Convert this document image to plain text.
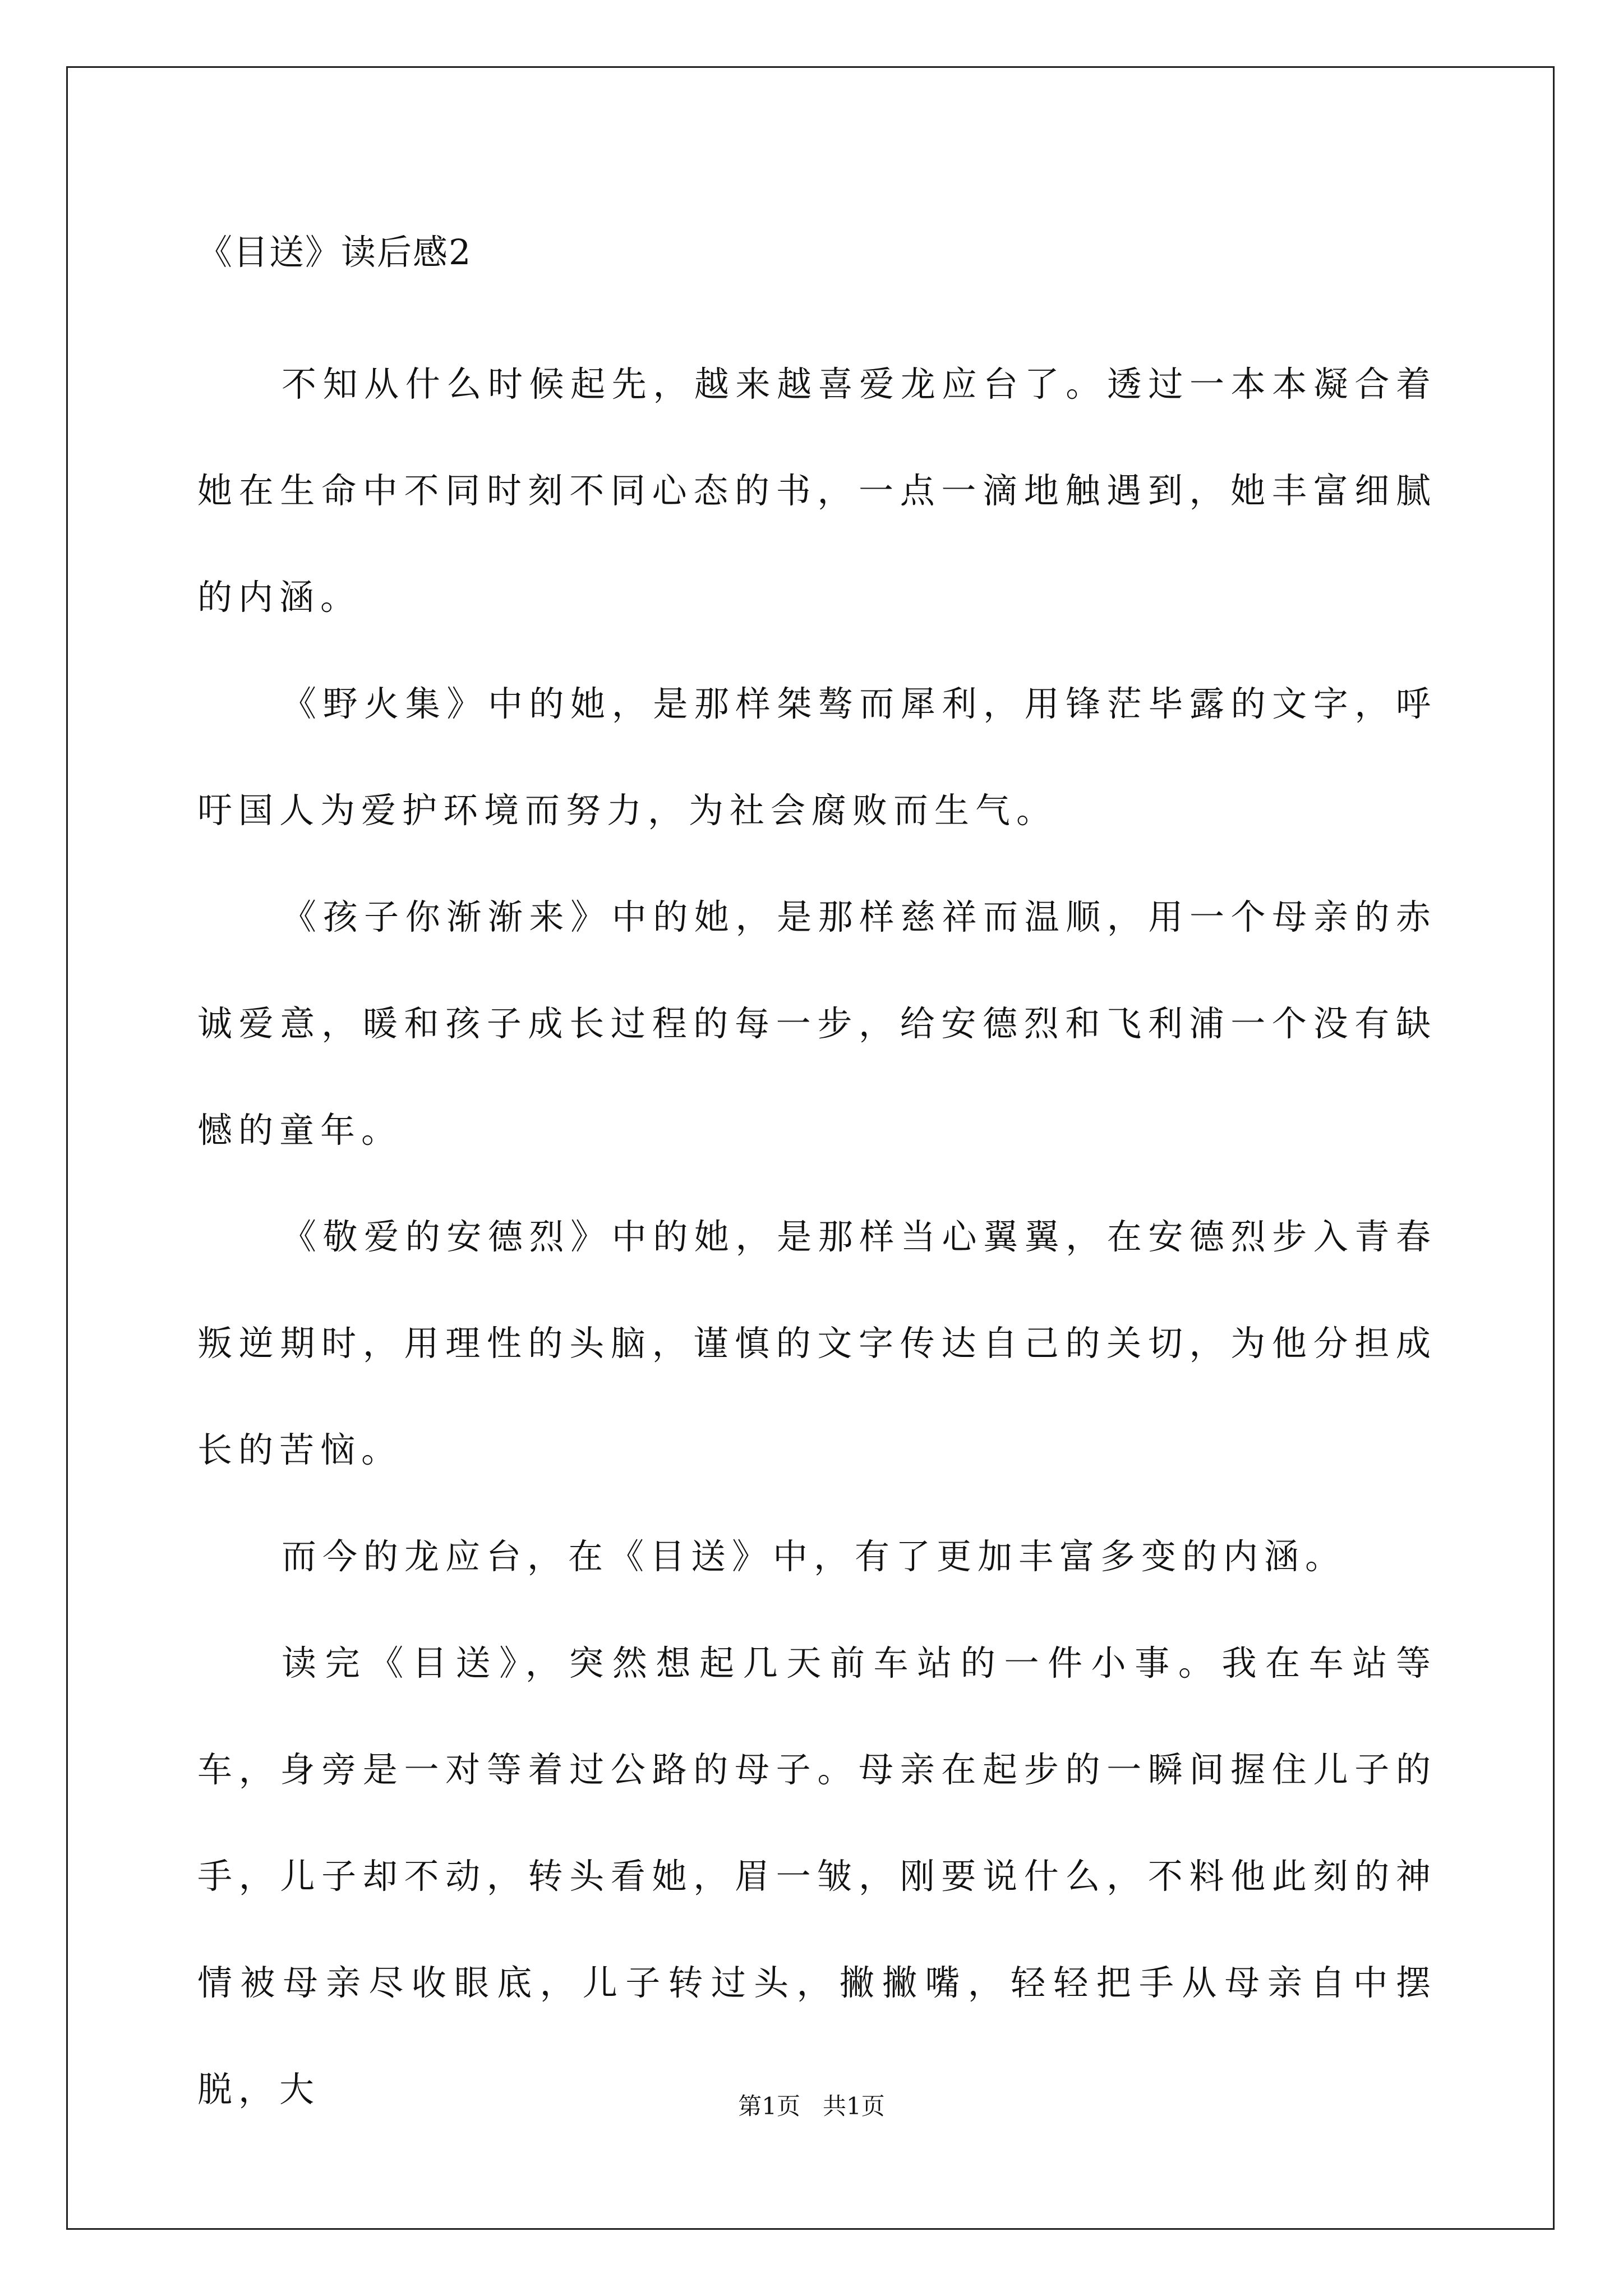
《目送》读后感2

不知从什么时候起先，越来越喜爱龙应台了。透过一本本凝合着她在生命中不同时刻不同心态的书，一点一滴地触遇到，她丰富细腻的内涵。

《野火集》中的她，是那样桀骜而犀利，用锋茫毕露的文字，呼吁国人为爱护环境而努力，为社会腐败而生气。

《孩子你渐渐来》中的她，是那样慈祥而温顺，用一个母亲的赤诚爱意，暖和孩子成长过程的每一步，给安德烈和飞利浦一个没有缺憾的童年。

《敬爱的安德烈》中的她，是那样当心翼翼，在安德烈步入青春叛逆期时，用理性的头脑，谨慎的文字传达自己的关切，为他分担成长的苦恼。

而今的龙应台，在《目送》中，有了更加丰富多变的内涵。

读完《目送》，突然想起几天前车站的一件小事。我在车站等车，身旁是一对等着过公路的母子。母亲在起步的一瞬间握住儿子的手，儿子却不动，转头看她，眉一皱，刚要说什么，不料他此刻的神情被母亲尽收眼底，儿子转过头，撇撇嘴，轻轻把手从母亲自中摆脱，大	第1页   共1页
